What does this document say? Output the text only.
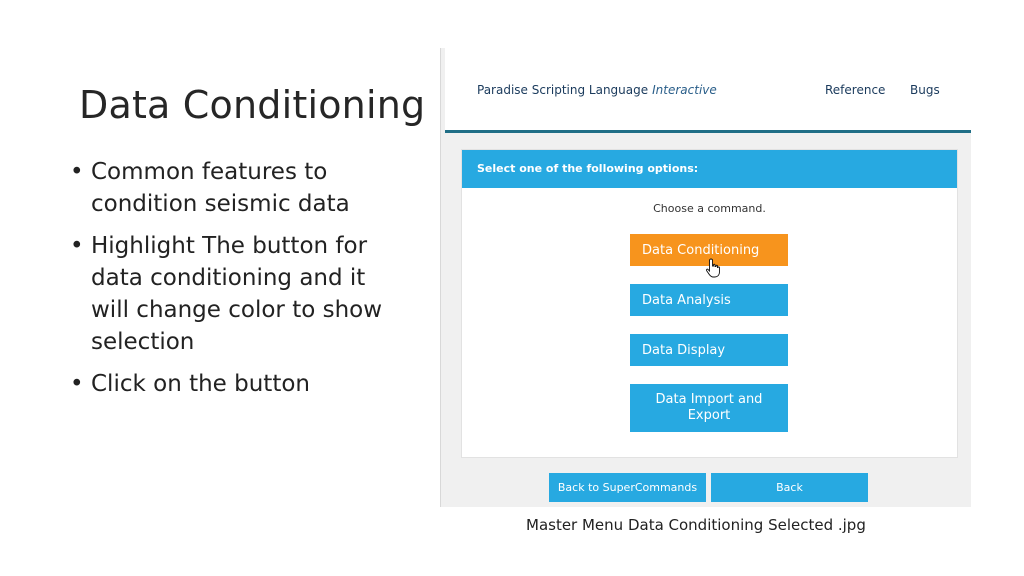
Data Conditioning
• Common features to condition seismic data
• Highlight The button for data conditioning and it will change color to show selection
• Click on the button
Paradise Scripting Language Interactive	Reference Bugs
Select one of the following options:
Choose a command.
Data Conditioning
Data Analysis
Data Display
Data Import and Export
Back to SuperCommands	Back
Master Menu Data Conditioning Selected .jpg
